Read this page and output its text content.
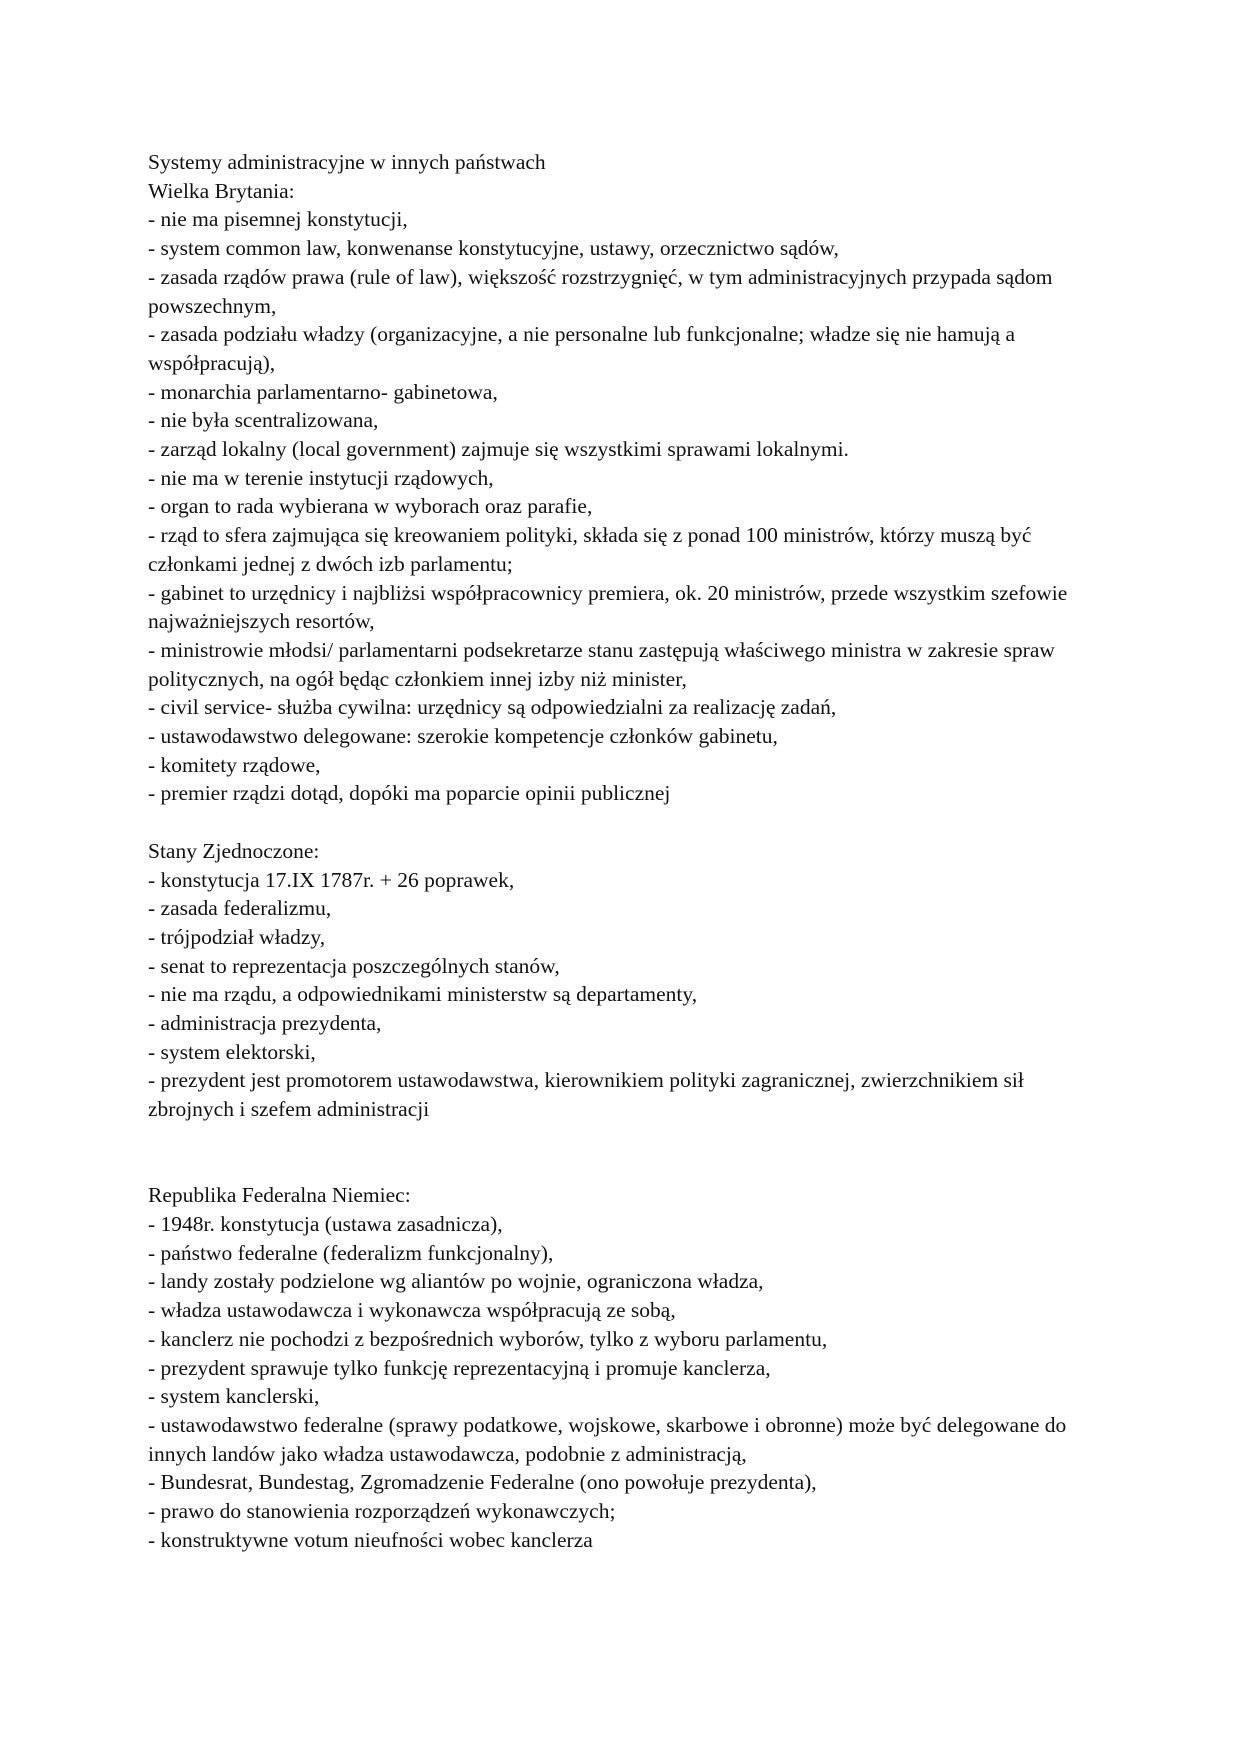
Systemy administracyjne w innych państwach

Wielka Brytania:

- nie ma pisemnej konstytucji,

- system common law, konwenanse konstytucyjne, ustawy, orzecznictwo sądów,

- zasada rządów prawa (rule of law), większość rozstrzygnięć, w tym administracyjnych przypada sądom powszechnym,

- zasada podziału władzy (organizacyjne, a nie personalne lub funkcjonalne; władze się nie hamują a współpracują),

- monarchia parlamentarno- gabinetowa,

- nie była scentralizowana,

- zarząd lokalny (local government) zajmuje się wszystkimi sprawami lokalnymi.

- nie ma w terenie instytucji rządowych,

- organ to rada wybierana w wyborach oraz parafie,

- rząd to sfera zajmująca się kreowaniem polityki, składa się z ponad 100 ministrów, którzy muszą być członkami jednej z dwóch izb parlamentu;

- gabinet to urzędnicy i najbliżsi współpracownicy premiera, ok. 20 ministrów, przede wszystkim szefowie najważniejszych resortów,

- ministrowie młodsi/ parlamentarni podsekretarze stanu zastępują właściwego ministra w zakresie spraw politycznych, na ogół będąc członkiem innej izby niż minister,

- civil service- służba cywilna: urzędnicy są odpowiedzialni za realizację zadań,

- ustawodawstwo delegowane: szerokie kompetencje członków gabinetu,

- komitety rządowe,

- premier rządzi dotąd, dopóki ma poparcie opinii publicznej

Stany Zjednoczone:

- konstytucja 17.IX 1787r. + 26 poprawek,

- zasada federalizmu,

- trójpodział władzy,

- senat to reprezentacja poszczególnych stanów,

- nie ma rządu, a odpowiednikami ministerstw są departamenty,

- administracja prezydenta,

- system elektorski,

- prezydent jest promotorem ustawodawstwa, kierownikiem polityki zagranicznej, zwierzchnikiem sił zbrojnych i szefem administracji

Republika Federalna Niemiec:

- 1948r. konstytucja (ustawa zasadnicza),

- państwo federalne (federalizm funkcjonalny),

- landy zostały podzielone wg aliantów po wojnie, ograniczona władza,

- władza ustawodawcza i wykonawcza współpracują ze sobą,

- kanclerz nie pochodzi z bezpośrednich wyborów, tylko z wyboru parlamentu,

- prezydent sprawuje tylko funkcję reprezentacyjną i promuje kanclerza,

- system kanclerski,

- ustawodawstwo federalne (sprawy podatkowe, wojskowe, skarbowe i obronne) może być delegowane do innych landów jako władza ustawodawcza, podobnie z administracją,

- Bundesrat, Bundestag, Zgromadzenie Federalne (ono powołuje prezydenta),

- prawo do stanowienia rozporządzeń wykonawczych;

- konstruktywne votum nieufności wobec kanclerza
